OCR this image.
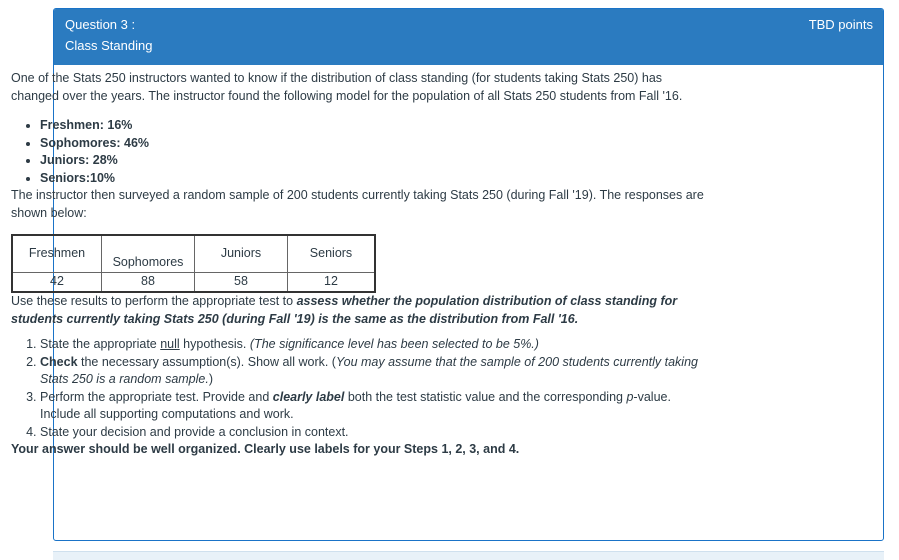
Question 3 :
Class Standing
TBD points

One of the Stats 250 instructors wanted to know if the distribution of class standing (for students taking Stats 250) has changed over the years. The instructor found the following model for the population of all Stats 250 students from Fall '16.

• Freshmen: 16%
• Sophomores: 46%
• Juniors: 28%
• Seniors:10%

The instructor then surveyed a random sample of 200 students currently taking Stats 250 (during Fall '19). The responses are shown below:

Freshmen	Sophomores	Juniors	Seniors
42	88	58	12

Use these results to perform the appropriate test to assess whether the population distribution of class standing for students currently taking Stats 250 (during Fall '19) is the same as the distribution from Fall '16.

1. State the appropriate null hypothesis. (The significance level has been selected to be 5%.)
2. Check the necessary assumption(s). Show all work. (You may assume that the sample of 200 students currently taking Stats 250 is a random sample.)
3. Perform the appropriate test. Provide and clearly label both the test statistic value and the corresponding p-value. Include all supporting computations and work.
4. State your decision and provide a conclusion in context.

Your answer should be well organized. Clearly use labels for your Steps 1, 2, 3, and 4.
